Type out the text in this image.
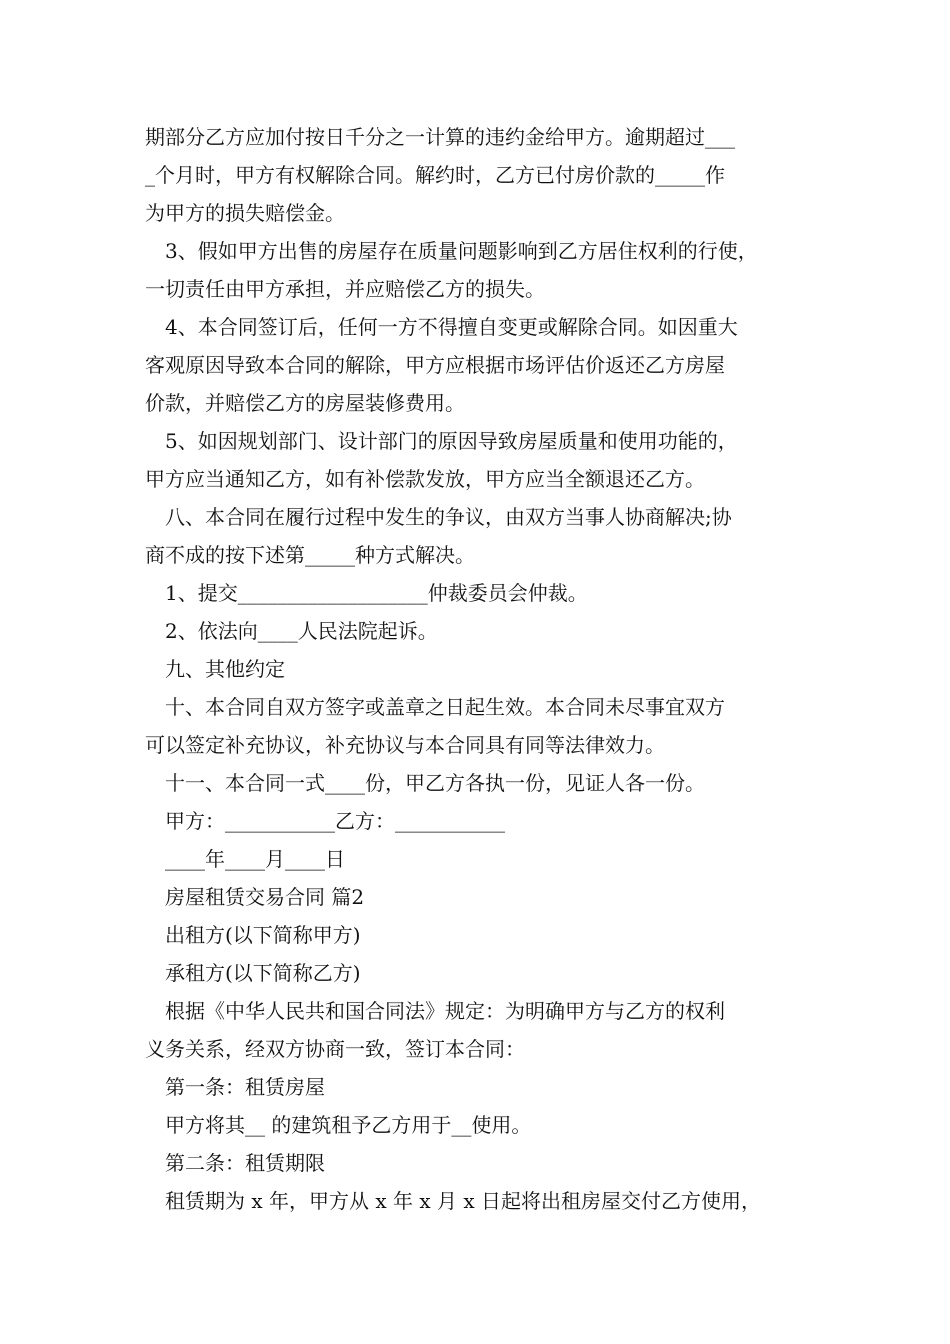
期部分乙方应加付按日千分之一计算的违约金给甲方。逾期超过___
_个月时，甲方有权解除合同。解约时，乙方已付房价款的_____作
为甲方的损失赔偿金。
3、假如甲方出售的房屋存在质量问题影响到乙方居住权利的行使，
一切责任由甲方承担，并应赔偿乙方的损失。
4、本合同签订后，任何一方不得擅自变更或解除合同。如因重大
客观原因导致本合同的解除，甲方应根据市场评估价返还乙方房屋
价款，并赔偿乙方的房屋装修费用。
5、如因规划部门、设计部门的原因导致房屋质量和使用功能的，
甲方应当通知乙方，如有补偿款发放，甲方应当全额退还乙方。
八、本合同在履行过程中发生的争议，由双方当事人协商解决;协
商不成的按下述第_____种方式解决。
1、提交___________________仲裁委员会仲裁。
2、依法向____人民法院起诉。
九、其他约定
十、本合同自双方签字或盖章之日起生效。本合同未尽事宜双方
可以签定补充协议，补充协议与本合同具有同等法律效力。
十一、本合同一式____份，甲乙方各执一份，见证人各一份。
甲方：___________乙方：___________
____年____月____日
房屋租赁交易合同 篇2
出租方(以下简称甲方)
承租方(以下简称乙方)
根据《中华人民共和国合同法》规定：为明确甲方与乙方的权利
义务关系，经双方协商一致，签订本合同：
第一条：租赁房屋
甲方将其__ 的建筑租予乙方用于__使用。
第二条：租赁期限
租赁期为 x 年，甲方从 x 年 x 月 x 日起将出租房屋交付乙方使用，
